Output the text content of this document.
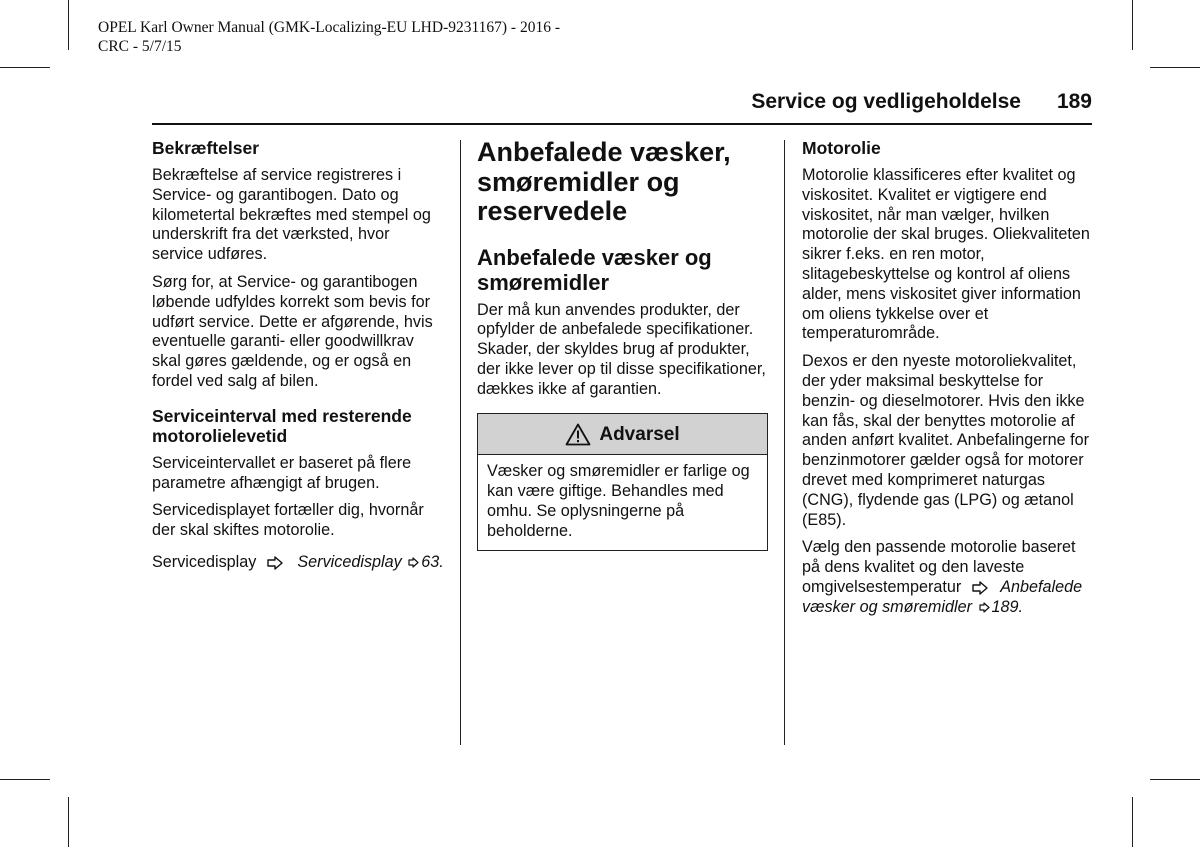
OPEL Karl Owner Manual (GMK-Localizing-EU LHD-9231167) - 2016 -
CRC - 5/7/15
Service og vedligeholdelse 189
Bekræftelser

Bekræftelse af service registreres i Service- og garantibogen. Dato og kilometertal bekræftes med stempel og underskrift fra det værksted, hvor service udføres.

Sørg for, at Service- og garantibogen løbende udfyldes korrekt som bevis for udført service. Dette er afgørende, hvis eventuelle garanti- eller goodwillkrav skal gøres gældende, og er også en fordel ved salg af bilen.

Serviceinterval med resterende motorolielevetid

Serviceintervallet er baseret på flere parametre afhængigt af brugen.

Servicedisplayet fortæller dig, hvornår der skal skiftes motorolie.

Servicedisplay	Servicedisplay 63.

Anbefalede væsker, smøremidler og reservedele
Anbefalede væsker og smøremidler

Der må kun anvendes produkter, der opfylder de anbefalede specifikationer. Skader, der skyldes brug af produkter, der ikke lever op til disse specifikationer, dækkes ikke af garantien.

Advarsel

Væsker og smøremidler er farlige og kan være giftige. Behandles med omhu. Se oplysningerne på beholderne.

Motorolie

Motorolie klassificeres efter kvalitet og viskositet. Kvalitet er vigtigere end viskositet, når man vælger, hvilken motorolie der skal bruges. Oliekvaliteten sikrer f.eks. en ren motor, slitagebeskyttelse og kontrol af oliens alder, mens viskositet giver information om oliens tykkelse over et temperaturområde.

Dexos er den nyeste motoroliekvalitet, der yder maksimal beskyttelse for benzin- og dieselmotorer. Hvis den ikke kan fås, skal der benyttes motorolie af anden anført kvalitet. Anbefalingerne for benzinmotorer gælder også for motorer drevet med komprimeret naturgas (CNG), flydende gas (LPG) og ætanol (E85).

Vælg den passende motorolie baseret på dens kvalitet og den laveste omgivelsestemperatur Anbefalede væsker og smøremidler 189.
